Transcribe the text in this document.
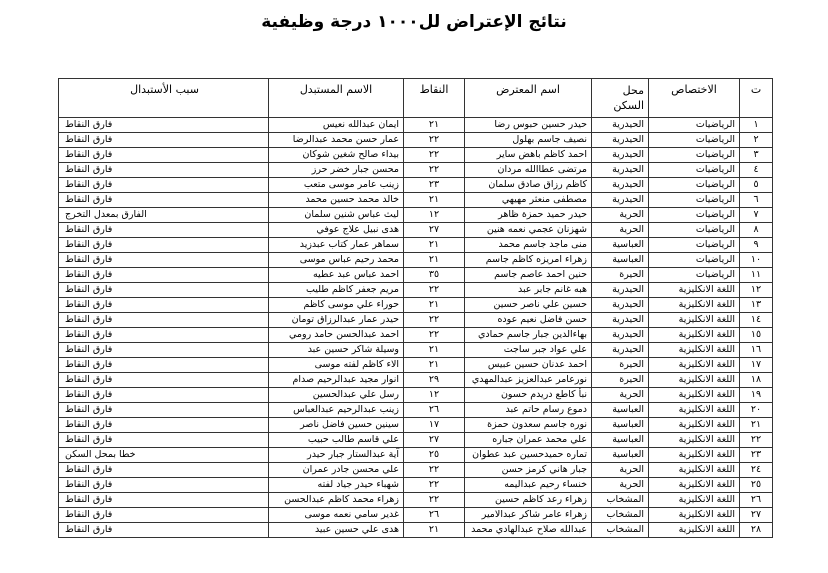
نتائج الإعتراض لل١٠٠٠ درجة وظيفية
ت	الاختصاص	محل السكن	اسم المعترض	النقاط	الاسم المستبدل	سبب الأستبدال
١	الرياضيات	الحيدرية	حيدر حسين حبوس رضا	٢١	ايمان عبدالله نعيس	فارق النقاط
٢	الرياضيات	الحيدرية	نصيف جاسم بهلول	٢٢	عمار حسن محمد عبدالرضا	فارق النقاط
٣	الرياضيات	الحيدرية	احمد كاظم باهض ساير	٢٢	بيداء صالح شغين شوكان	فارق النقاط
٤	الرياضيات	الحيدرية	مرتضى عطاالله مردان	٢٢	محسن جبار خضر حرز	فارق النقاط
٥	الرياضيات	الحيدرية	كاظم رزاق صادق سلمان	٢٣	زينب عامر موسى متعب	فارق النقاط
٦	الرياضيات	الحيدرية	مصطفى منعثر مهيهي	٢١	خالد محمد حسين محمد	فارق النقاط
٧	الرياضيات	الحرية	حيدر حميد حمزة ظاهر	١٢	ليث عباس شنين سلمان	الفارق بمعدل التخرج
٨	الرياضيات	الحرية	شهزنان عجمي نعمه هنين	٢٧	هدى نبيل علاج عوفي	فارق النقاط
٩	الرياضيات	العباسية	منى ماجد جاسم محمد	٢١	سماهر عمار كتاب عبدزيد	فارق النقاط
١٠	الرياضيات	العباسية	زهراء امريزه كاظم جاسم	٢١	محمد رحيم عباس موسى	فارق النقاط
١١	الرياضيات	الحيرة	حنين احمد عاصم جاسم	٣٥	احمد عباس عبد عطيه	فارق النقاط
١٢	اللغة الانكليزية	الحيدرية	هبه غانم جابر عبد	٢٢	مريم جعفر كاظم طليب	فارق النقاط
١٣	اللغة الانكليزية	الحيدرية	حسين علي ناصر حسين	٢١	حوراء علي موسى كاظم	فارق النقاط
١٤	اللغة الانكليزية	الحيدرية	حسن فاضل نعيم عوده	٢٢	حيدر عمار عبدالرزاق تومان	فارق النقاط
١٥	اللغة الانكليزية	الحيدرية	بهاءالدين جبار جاسم حمادي	٢٢	احمد عبدالحسن حامد رومي	فارق النقاط
١٦	اللغة الانكليزية	الحيدرية	علي عواد جبر ساجت	٢١	وسيلة شاكر حسين عبد	فارق النقاط
١٧	اللغة الانكليزية	الحيرة	احمد عدنان حسين عبيس	٢١	الاء كاظم لفته موسى	فارق النقاط
١٨	اللغة الانكليزية	الحيرة	نورعامر عبدالعزيز عبدالمهدي	٢٩	انوار مجيد عبدالرحيم صدام	فارق النقاط
١٩	اللغة الانكليزية	الحرية	نبأ كاطع دريدم حسون	١٢	رسل علي عبدالحسين	فارق النقاط
٢٠	اللغة الانكليزية	العباسية	دموع رسام حاتم عبد	٢٦	زينب عبدالرحيم عبدالعباس	فارق النقاط
٢١	اللغة الانكليزية	العباسية	نوره جاسم سعدون حمزة	١٧	سينين حسين فاضل ناصر	فارق النقاط
٢٢	اللغة الانكليزية	العباسية	علي محمد عمران جباره	٢٧	علي قاسم طالب حبيب	فارق النقاط
٢٣	اللغة الانكليزية	العباسية	تماره حميدحسين عبد عطوان	٢٥	آية عبدالستار جبار حيدر	خطا بمحل السكن
٢٤	اللغة الانكليزية	الحرية	جبار هاني كرمز حسن	٢٢	علي محسن جادر عمران	فارق النقاط
٢٥	اللغة الانكليزية	الحرية	خنساء رحيم عبداليمه	٢٢	شهباء حيدر جياد لفته	فارق النقاط
٢٦	اللغة الانكليزية	المشخاب	زهراء رعد كاظم حسين	٢٢	زهراء محمد كاظم عبدالحسن	فارق النقاط
٢٧	اللغة الانكليزية	المشخاب	زهراء عامر شاكر عبدالامير	٢٦	غدير سامي نعمه موسى	فارق النقاط
٢٨	اللغة الانكليزية	المشخاب	عبدالله صلاح عبدالهادي محمد	٢١	هدى علي حسين عبيد	فارق النقاط
